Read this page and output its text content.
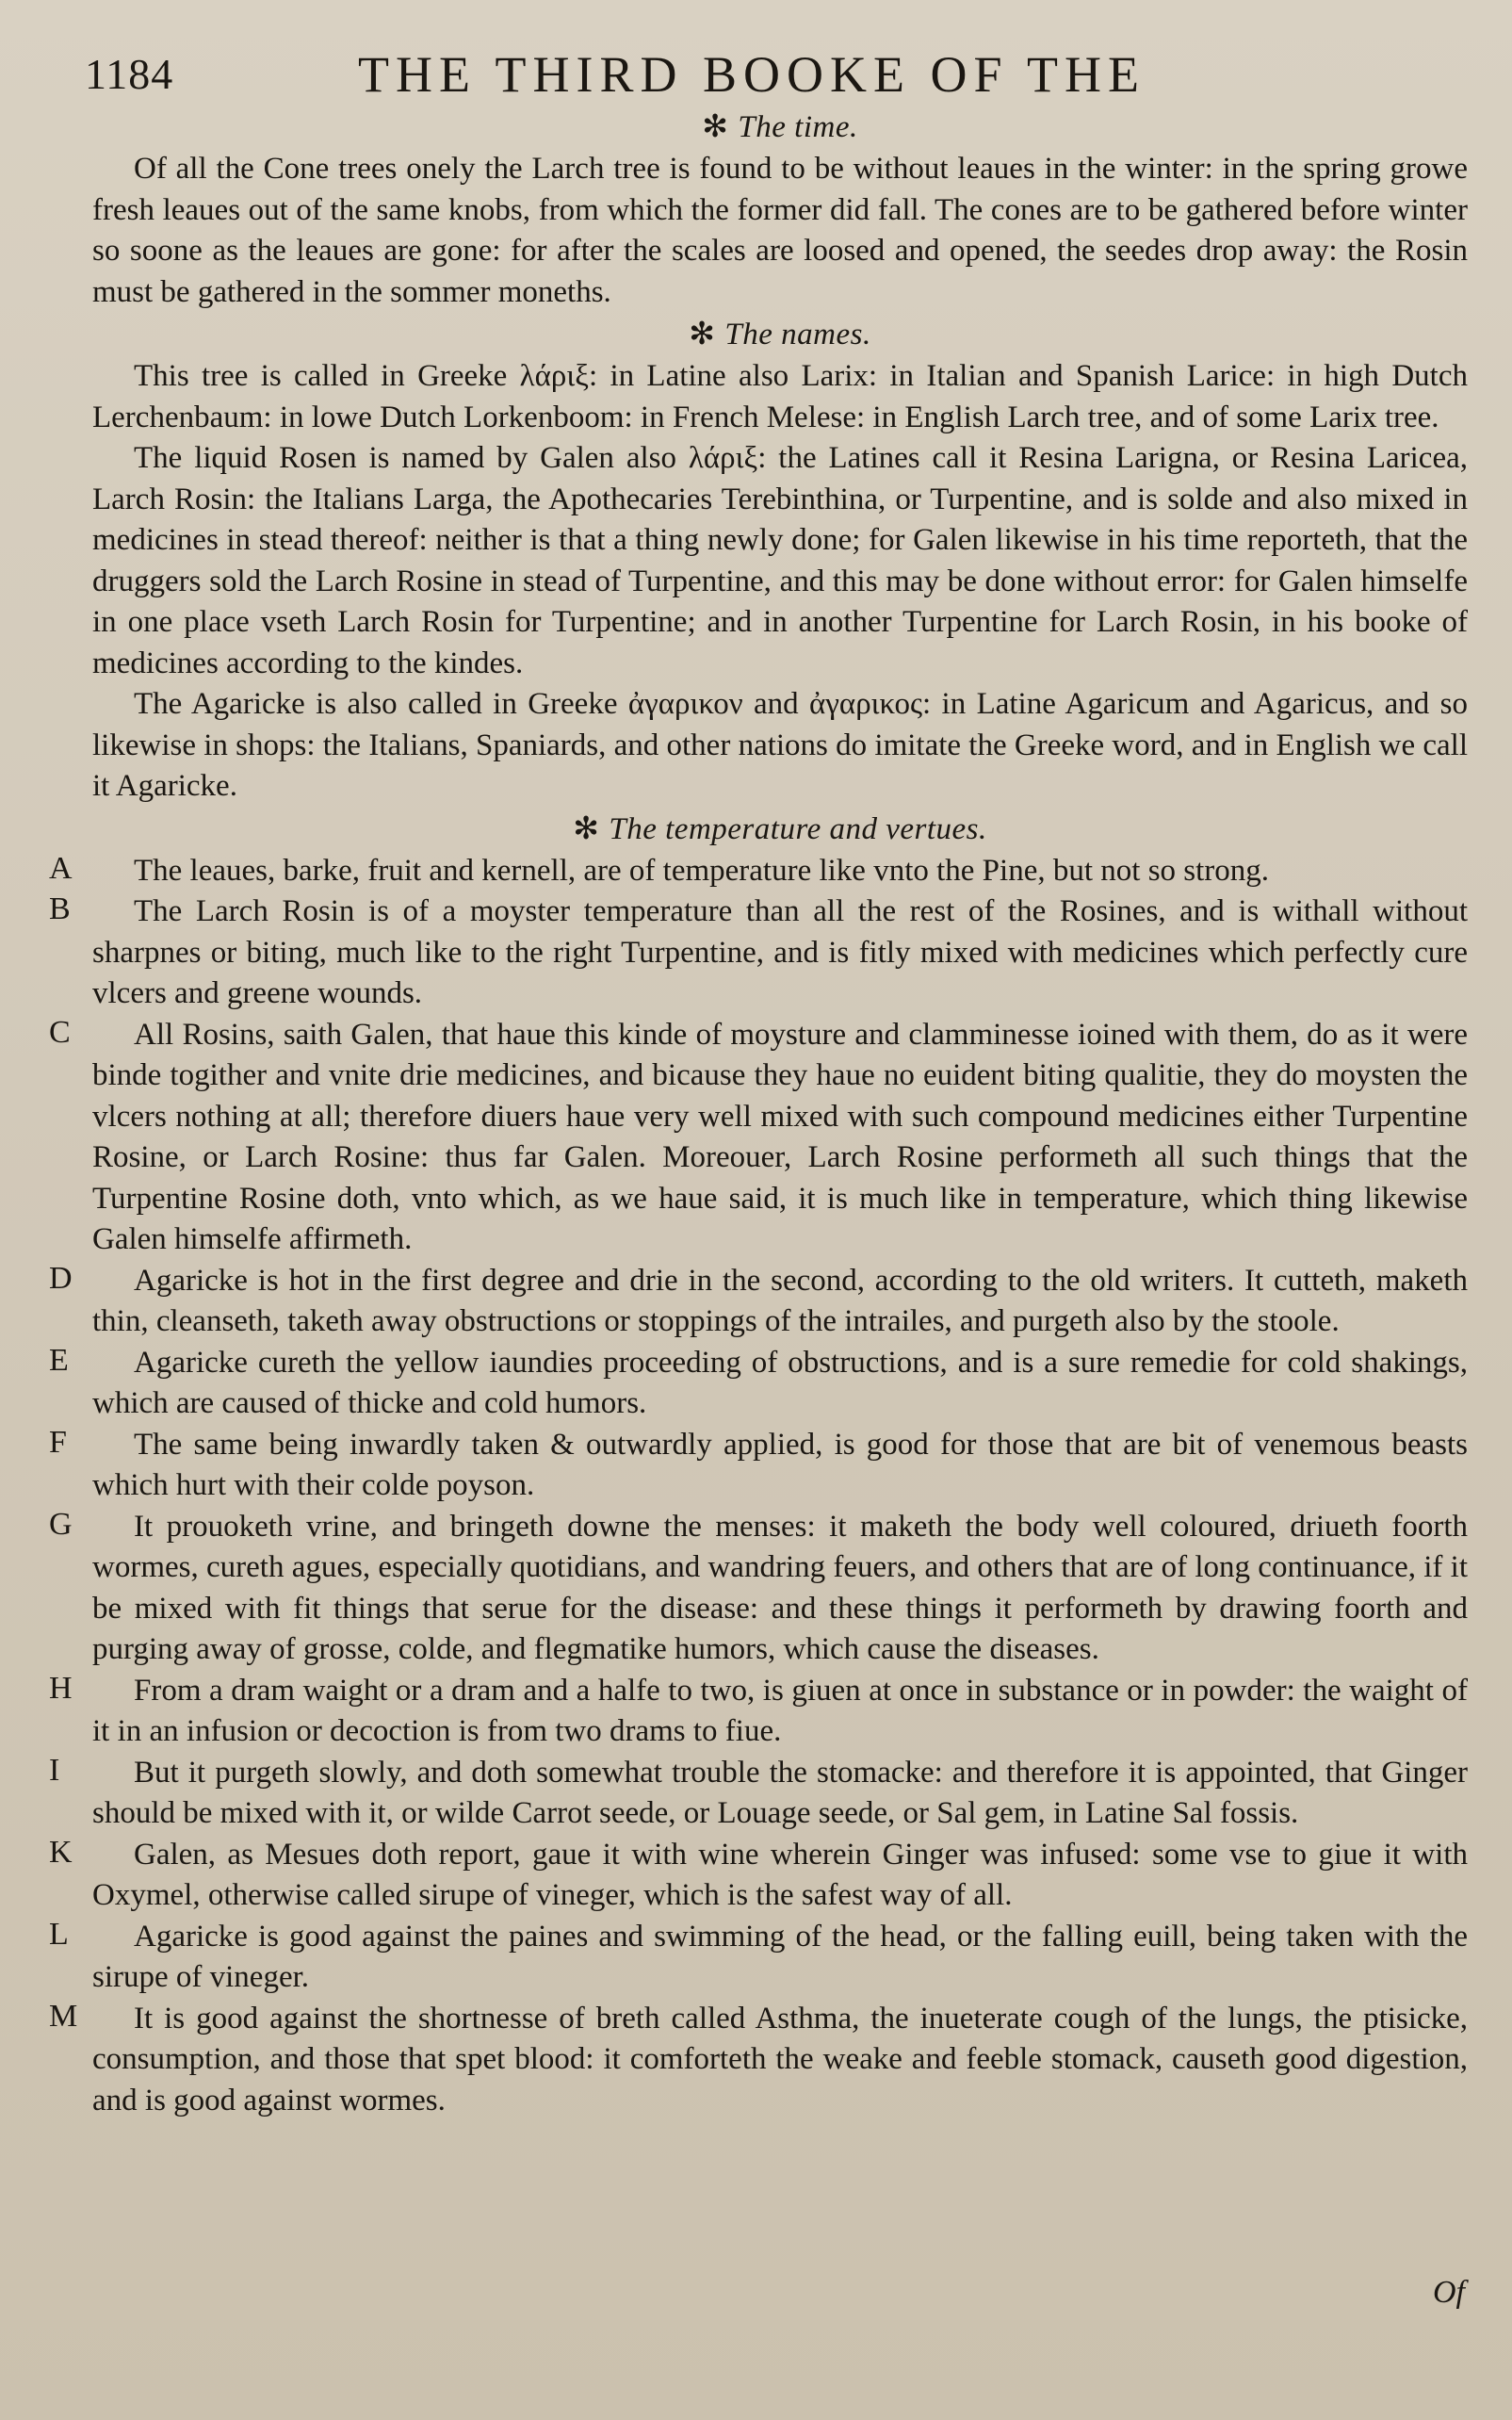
1184	THE THIRD BOOKE OF THE
✻ The time.

Of all the Cone trees onely the Larch tree is found to be without leaues in the winter: in the spring growe fresh leaues out of the same knobs, from which the former did fall. The cones are to be gathered before winter so soone as the leaues are gone: for after the scales are loosed and opened, the seedes drop away: the Rosin must be gathered in the sommer moneths.

✻ The names.

This tree is called in Greeke λάριξ: in Latine also Larix: in Italian and Spanish Larice: in high Dutch Lerchenbaum: in lowe Dutch Lorkenboom: in French Melese: in English Larch tree, and of some Larix tree.

The liquid Rosen is named by Galen also λάριξ: the Latines call it Resina Larigna, or Resina Laricea, Larch Rosin: the Italians Larga, the Apothecaries Terebinthina, or Turpentine, and is solde and also mixed in medicines in stead thereof: neither is that a thing newly done; for Galen likewise in his time reporteth, that the druggers sold the Larch Rosine in stead of Turpentine, and this may be done without error: for Galen himselfe in one place vseth Larch Rosin for Turpentine; and in another Turpentine for Larch Rosin, in his booke of medicines according to the kindes.

The Agaricke is also called in Greeke ἀγαρικον and ἀγαρικος: in Latine Agaricum and Agaricus, and so likewise in shops: the Italians, Spaniards, and other nations do imitate the Greeke word, and in English we call it Agaricke.

✻ The temperature and vertues.
A	The leaues, barke, fruit and kernell, are of temperature like vnto the Pine, but not so strong.

B	The Larch Rosin is of a moyster temperature than all the rest of the Rosines, and is withall without sharpnes or biting, much like to the right Turpentine, and is fitly mixed with medicines which perfectly cure vlcers and greene wounds.

C	All Rosins, saith Galen, that haue this kinde of moysture and clamminesse ioined with them, do as it were binde togither and vnite drie medicines, and bicause they haue no euident biting qualitie, they do moysten the vlcers nothing at all; therefore diuers haue very well mixed with such compound medicines either Turpentine Rosine, or Larch Rosine: thus far Galen. Moreouer, Larch Rosine performeth all such things that the Turpentine Rosine doth, vnto which, as we haue said, it is much like in temperature, which thing likewise Galen himselfe affirmeth.

D	Agaricke is hot in the first degree and drie in the second, according to the old writers. It cutteth, maketh thin, cleanseth, taketh away obstructions or stoppings of the intrailes, and purgeth also by the stoole.

E	Agaricke cureth the yellow iaundies proceeding of obstructions, and is a sure remedie for cold shakings, which are caused of thicke and cold humors.

F	The same being inwardly taken & outwardly applied, is good for those that are bit of venemous beasts which hurt with their colde poyson.

G	It prouoketh vrine, and bringeth downe the menses: it maketh the body well coloured, driueth foorth wormes, cureth agues, especially quotidians, and wandring feuers, and others that are of long continuance, if it be mixed with fit things that serue for the disease: and these things it performeth by drawing foorth and purging away of grosse, colde, and flegmatike humors, which cause the diseases.

H	From a dram waight or a dram and a halfe to two, is giuen at once in substance or in powder: the waight of it in an infusion or decoction is from two drams to fiue.

I	But it purgeth slowly, and doth somewhat trouble the stomacke: and therefore it is appointed, that Ginger should be mixed with it, or wilde Carrot seede, or Louage seede, or Sal gem, in Latine Sal fossis.

K	Galen, as Mesues doth report, gaue it with wine wherein Ginger was infused: some vse to giue it with Oxymel, otherwise called sirupe of vineger, which is the safest way of all.

L	Agaricke is good against the paines and swimming of the head, or the falling euill, being taken with the sirupe of vineger.

M	It is good against the shortnesse of breth called Asthma, the inueterate cough of the lungs, the ptisicke, consumption, and those that spet blood: it comforteth the weake and feeble stomack, causeth good digestion, and is good against wormes.

Of
